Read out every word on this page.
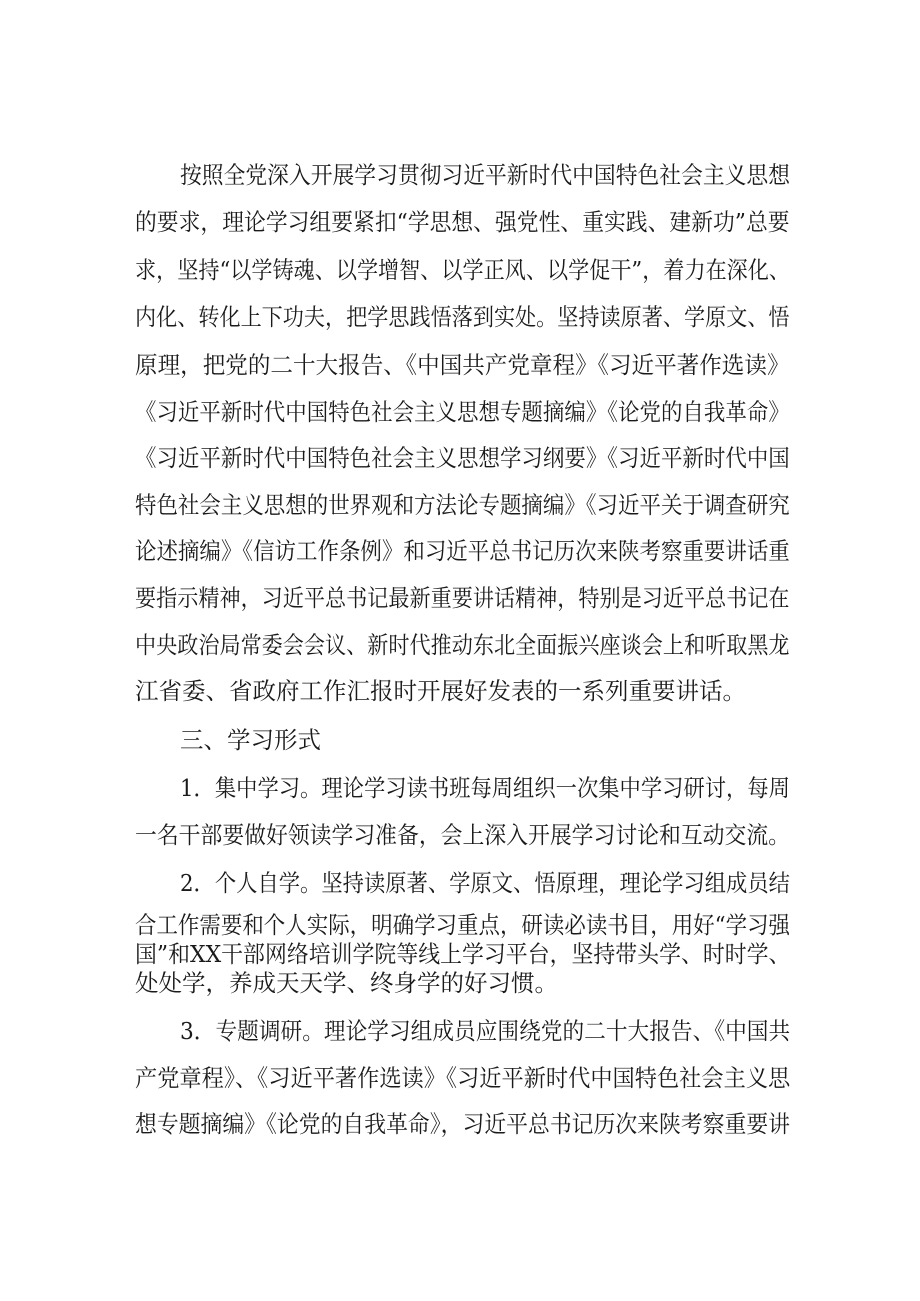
按照全党深入开展学习贯彻习近平新时代中国特色社会主义思想
的要求，理论学习组要紧扣“学思想、强党性、重实践、建新功”总要
求，坚持“以学铸魂、以学增智、以学正风、以学促干”，着力在深化、
内化、转化上下功夫，把学思践悟落到实处。坚持读原著、学原文、悟
原理，把党的二十大报告、《中国共产党章程》《习近平著作选读》
《习近平新时代中国特色社会主义思想专题摘编》《论党的自我革命》
《习近平新时代中国特色社会主义思想学习纲要》《习近平新时代中国
特色社会主义思想的世界观和方法论专题摘编》《习近平关于调查研究
论述摘编》《信访工作条例》和习近平总书记历次来陕考察重要讲话重
要指示精神，习近平总书记最新重要讲话精神，特别是习近平总书记在
中央政治局常委会会议、新时代推动东北全面振兴座谈会上和听取黑龙
江省委、省政府工作汇报时开展好发表的一系列重要讲话。
三、学习形式
1．集中学习。理论学习读书班每周组织一次集中学习研讨，每周
一名干部要做好领读学习准备，会上深入开展学习讨论和互动交流。
2．个人自学。坚持读原著、学原文、悟原理，理论学习组成员结
合工作需要和个人实际，明确学习重点，研读必读书目，用好“学习强
国”和XX干部网络培训学院等线上学习平台，坚持带头学、时时学、
处处学，养成天天学、终身学的好习惯。
3．专题调研。理论学习组成员应围绕党的二十大报告、《中国共
产党章程》、《习近平著作选读》《习近平新时代中国特色社会主义思
想专题摘编》《论党的自我革命》，习近平总书记历次来陕考察重要讲
